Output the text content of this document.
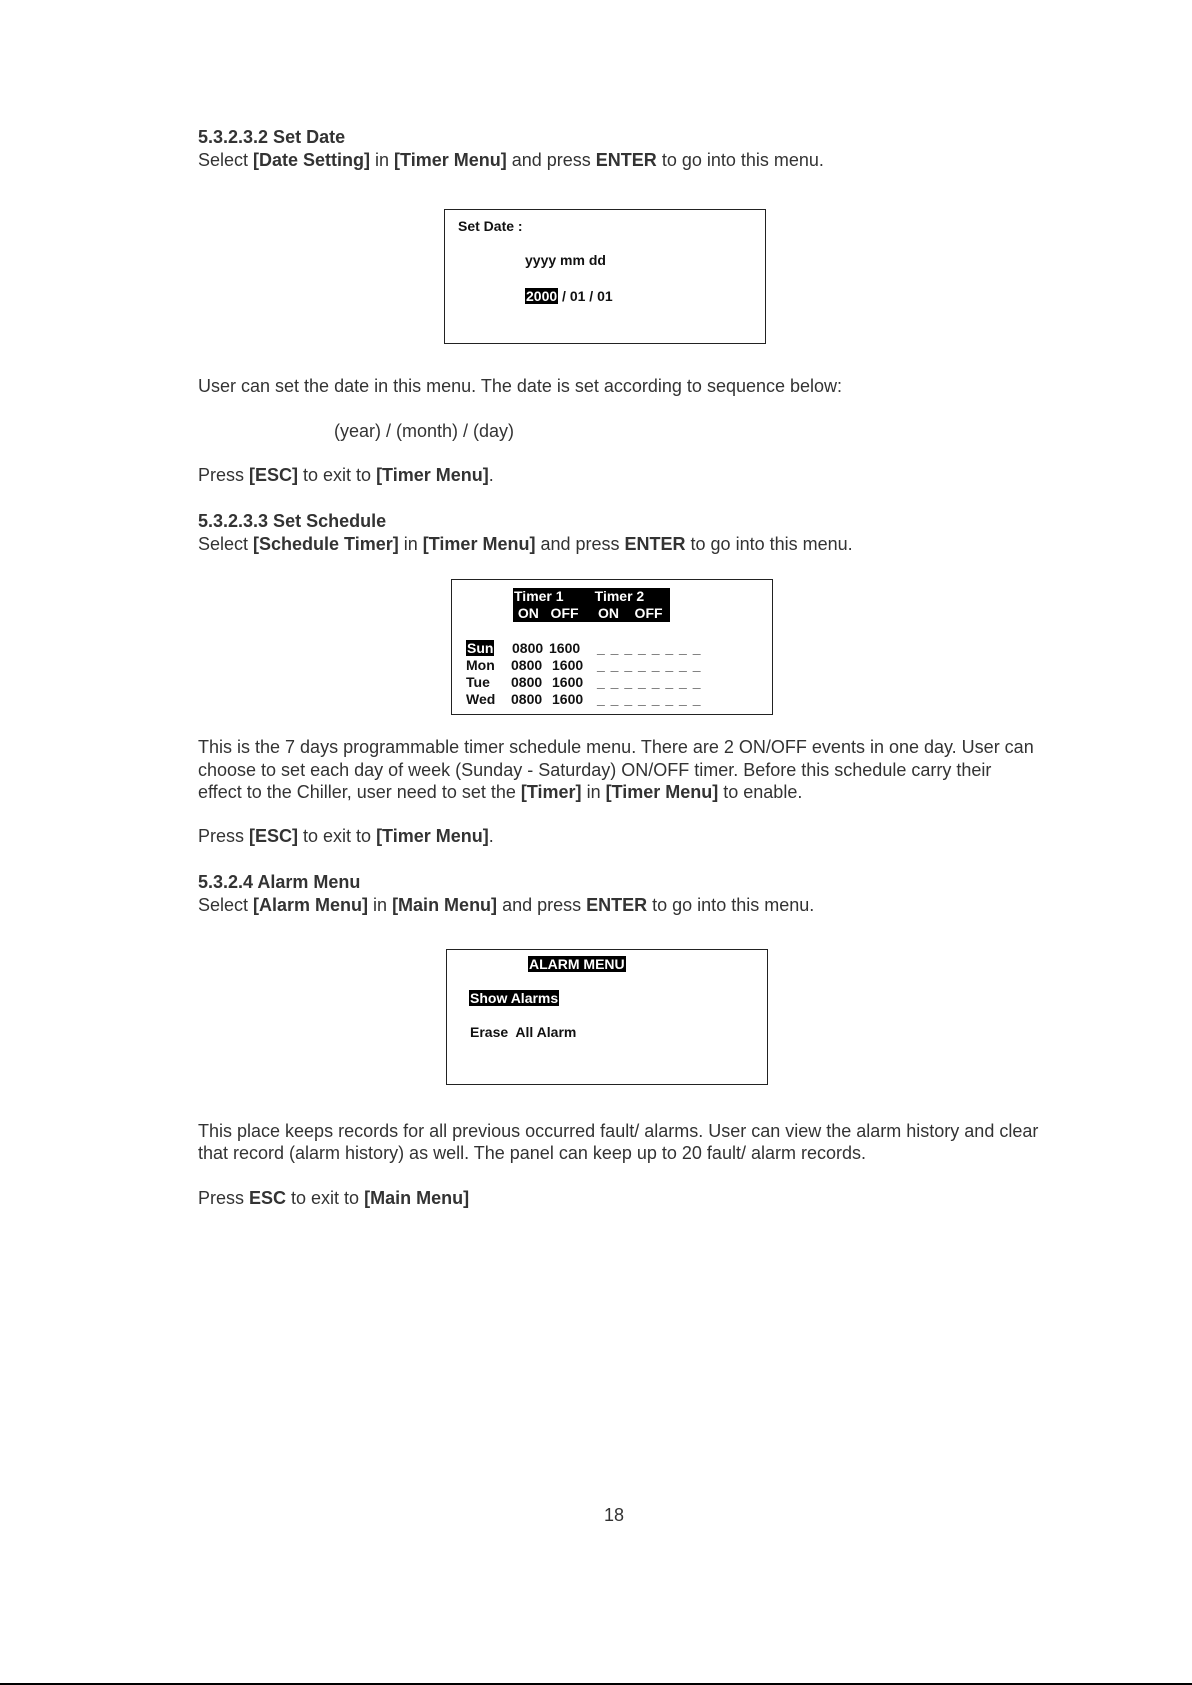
5.3.2.3.2 Set Date
Select [Date Setting] in [Timer Menu] and press ENTER to go into this menu.
Set Date :
yyyy mm dd
2000 / 01 / 01
User can set the date in this menu. The date is set according to sequence below:
(year) / (month) / (day)
Press [ESC] to exit to [Timer Menu].
5.3.2.3.3 Set Schedule
Select [Schedule Timer] in [Timer Menu] and press ENTER to go into this menu.
Timer 1        Timer 2
ON   OFF     ON    OFF
Sun 0800 1600 _ _ _ _ _ _ _ _
Mon 0800 1600 _ _ _ _ _ _ _ _
Tue 0800 1600 _ _ _ _ _ _ _ _
Wed 0800 1600 _ _ _ _ _ _ _ _
This is the 7 days programmable timer schedule menu. There are 2 ON/OFF events in one day. User can
choose to set each day of week (Sunday - Saturday) ON/OFF timer. Before this schedule carry their
effect to the Chiller, user need to set the [Timer] in [Timer Menu] to enable.
Press [ESC] to exit to [Timer Menu].
5.3.2.4 Alarm Menu
Select [Alarm Menu] in [Main Menu] and press ENTER to go into this menu.
ALARM MENU
Show Alarms
Erase  All Alarm
This place keeps records for all previous occurred fault/ alarms. User can view the alarm history and clear
that record (alarm history) as well. The panel can keep up to 20 fault/ alarm records.
Press ESC to exit to [Main Menu]
18
